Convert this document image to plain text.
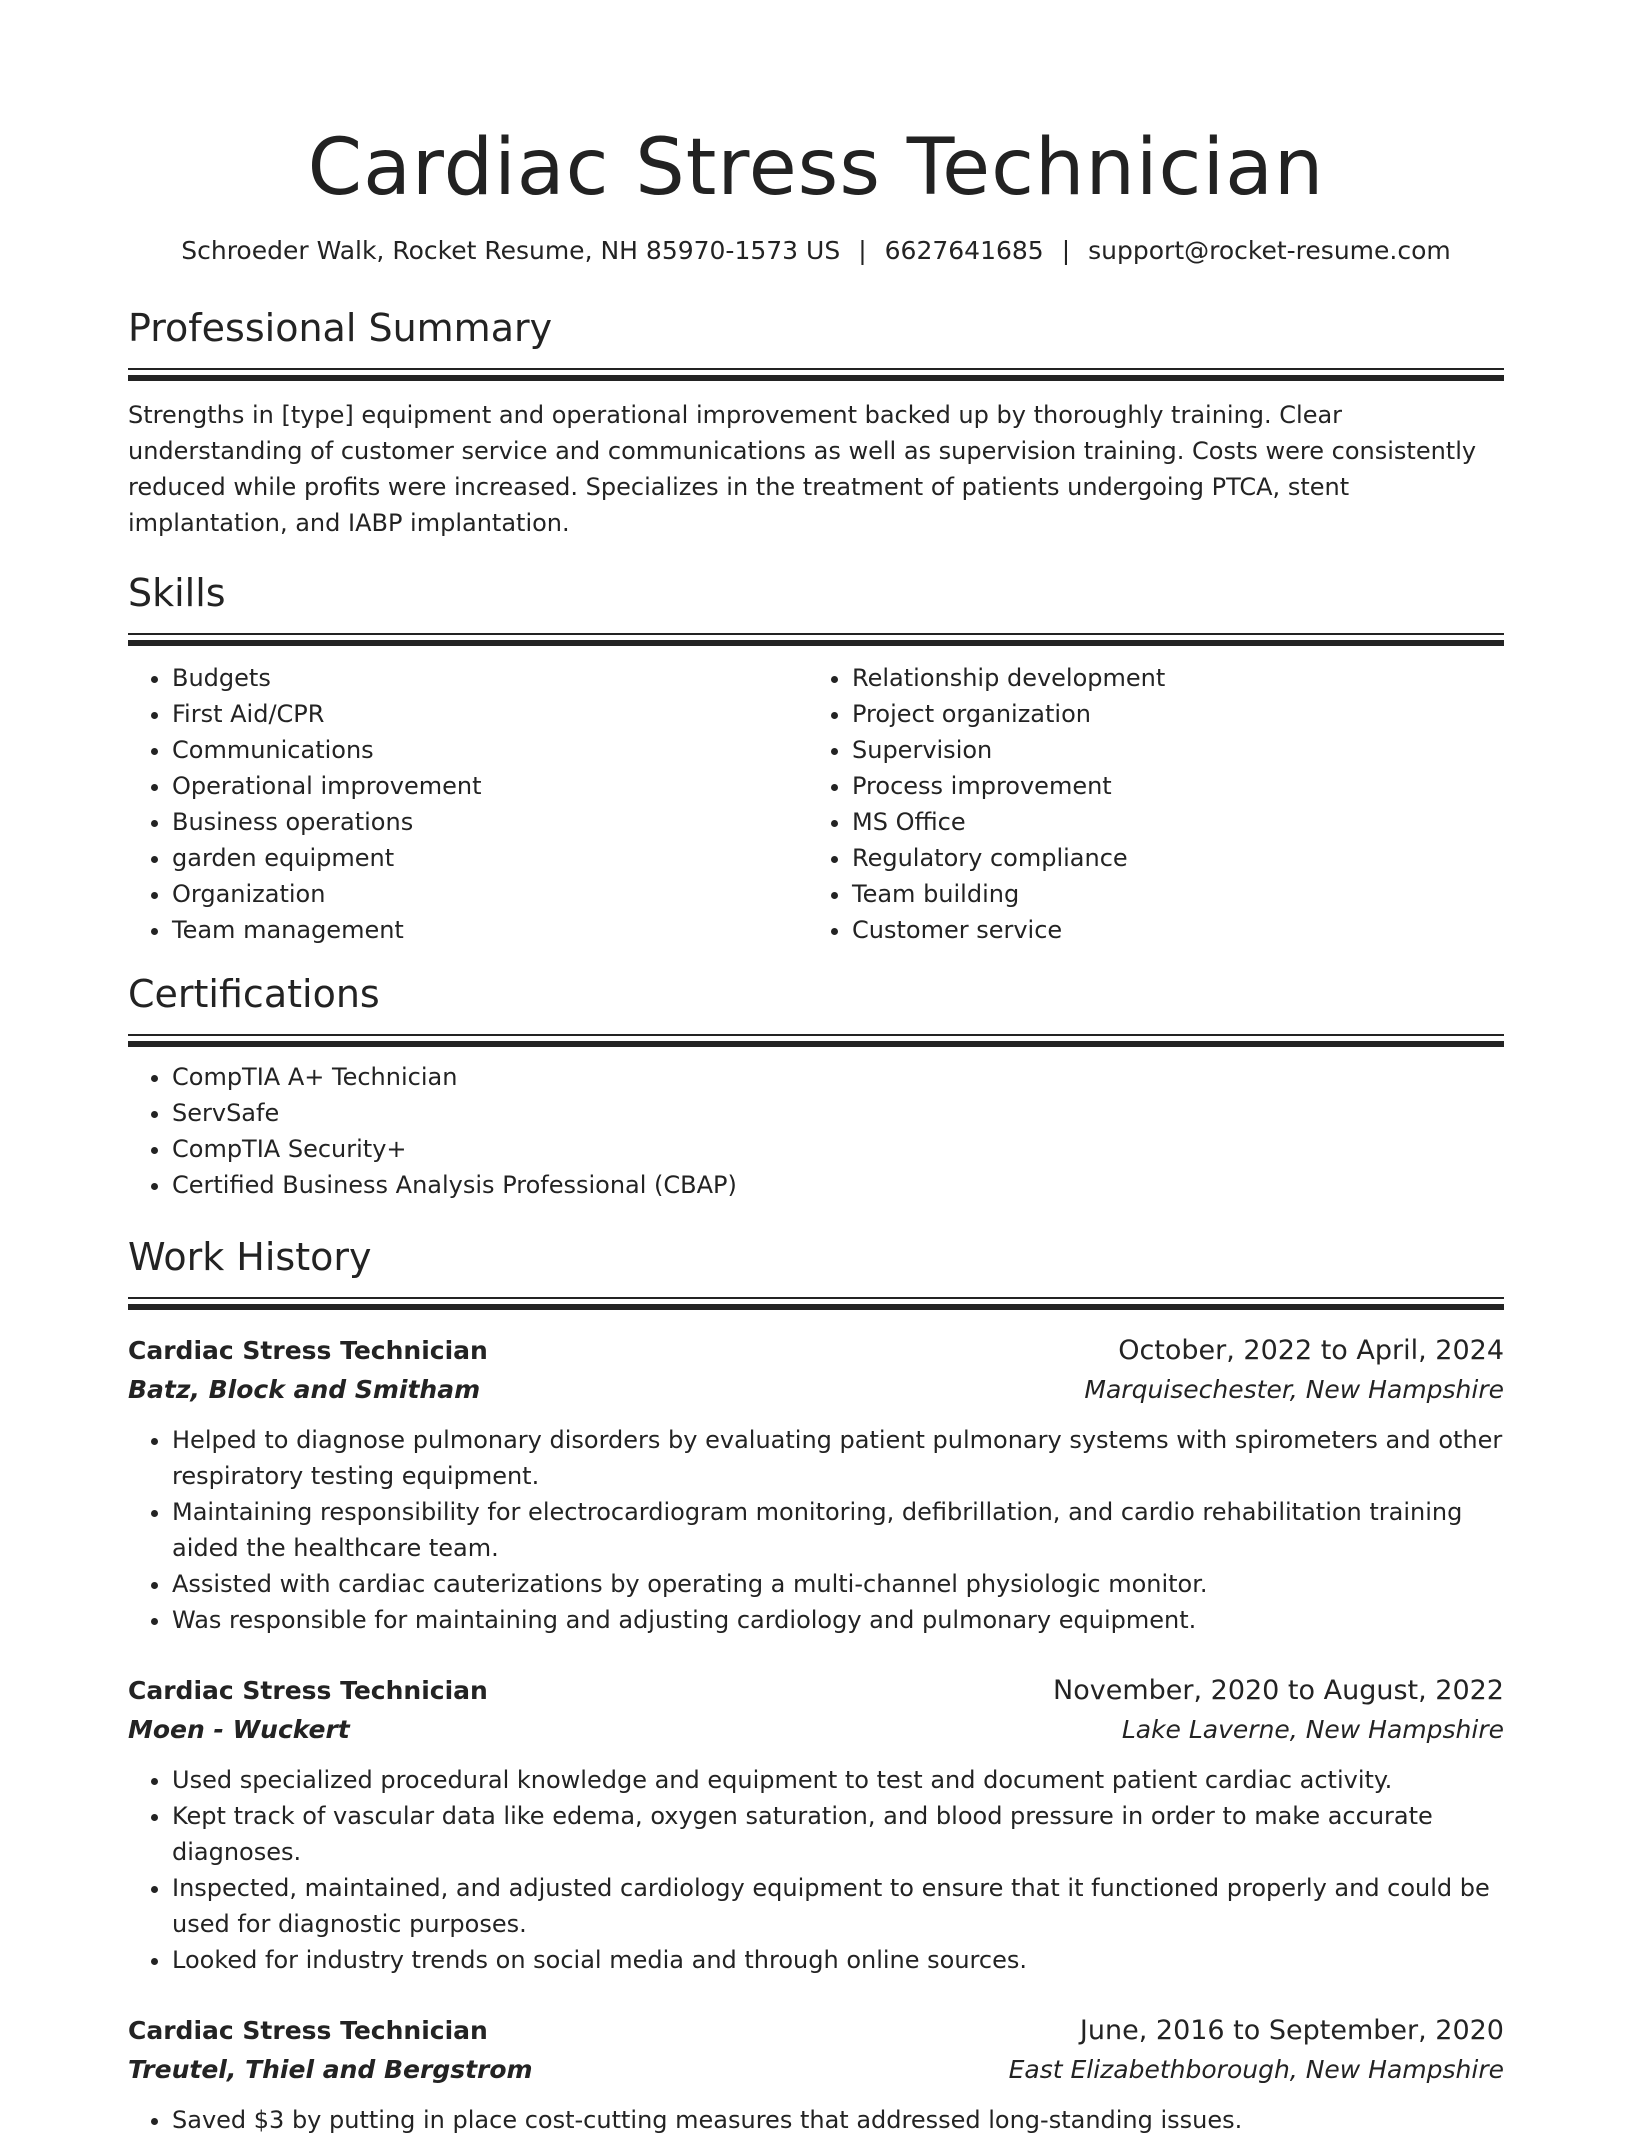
Cardiac Stress Technician
Schroeder Walk, Rocket Resume, NH 85970-1573 US | 6627641685 | support@rocket-resume.com
Professional Summary

Strengths in [type] equipment and operational improvement backed up by thoroughly training. Clear understanding of customer service and communications as well as supervision training. Costs were consistently reduced while profits were increased. Specializes in the treatment of patients undergoing PTCA, stent implantation, and IABP implantation.

Skills
• Budgets
• First Aid/CPR
• Communications
• Operational improvement
• Business operations
• garden equipment
• Organization
• Team management
• Relationship development
• Project organization
• Supervision
• Process improvement
• MS Office
• Regulatory compliance
• Team building
• Customer service
Certifications
• CompTIA A+ Technician
• ServSafe
• CompTIA Security+
• Certified Business Analysis Professional (CBAP)
Work History
Cardiac Stress Technician	October, 2022 to April, 2024
Batz, Block and Smitham	Marquisechester, New Hampshire
• Helped to diagnose pulmonary disorders by evaluating patient pulmonary systems with spirometers and other respiratory testing equipment.
• Maintaining responsibility for electrocardiogram monitoring, defibrillation, and cardio rehabilitation training aided the healthcare team.
• Assisted with cardiac cauterizations by operating a multi-channel physiologic monitor.
• Was responsible for maintaining and adjusting cardiology and pulmonary equipment.
Cardiac Stress Technician	November, 2020 to August, 2022
Moen - Wuckert	Lake Laverne, New Hampshire
• Used specialized procedural knowledge and equipment to test and document patient cardiac activity.
• Kept track of vascular data like edema, oxygen saturation, and blood pressure in order to make accurate diagnoses.
• Inspected, maintained, and adjusted cardiology equipment to ensure that it functioned properly and could be used for diagnostic purposes.
• Looked for industry trends on social media and through online sources.
Cardiac Stress Technician	June, 2016 to September, 2020
Treutel, Thiel and Bergstrom	East Elizabethborough, New Hampshire
• Saved $3 by putting in place cost-cutting measures that addressed long-standing issues.
